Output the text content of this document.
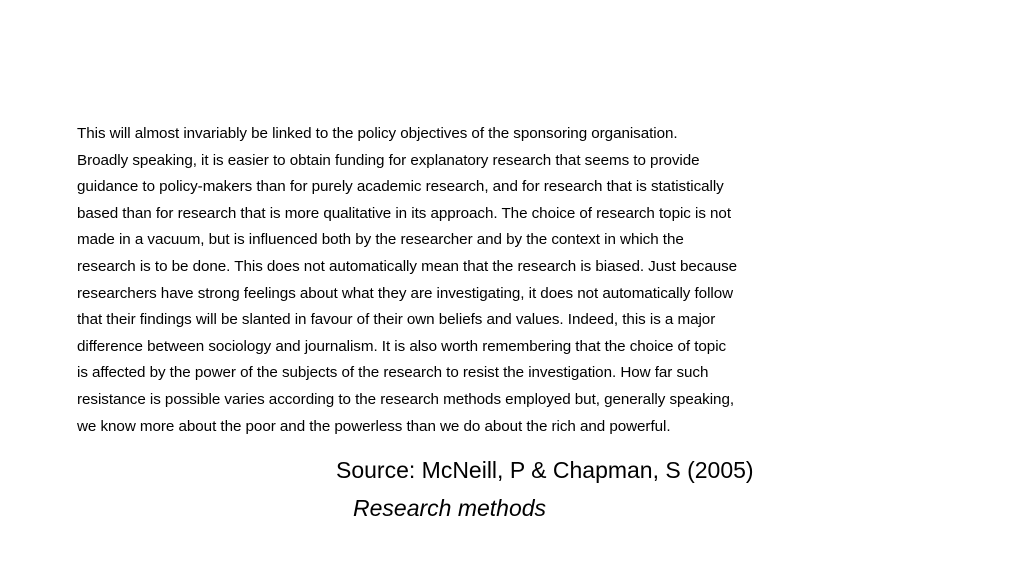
This will almost invariably be linked to the policy objectives of the sponsoring organisation.
Broadly speaking, it is easier to obtain funding for explanatory research that seems to provide
guidance to policy-makers than for purely academic research, and for research that is statistically
based than for research that is more qualitative in its approach. The choice of research topic is not
made in a vacuum, but is influenced both by the researcher and by the context in which the
research is to be done. This does not automatically mean that the research is biased. Just because
researchers have strong feelings about what they are investigating, it does not automatically follow
that their findings will be slanted in favour of their own beliefs and values. Indeed, this is a major
difference between sociology and journalism. It is also worth remembering that the choice of topic
is affected by the power of the subjects of the research to resist the investigation. How far such
resistance is possible varies according to the research methods employed but, generally speaking,
we know more about the poor and the powerless than we do about the rich and powerful.

Source: McNeill, P & Chapman, S (2005)
Research methods
